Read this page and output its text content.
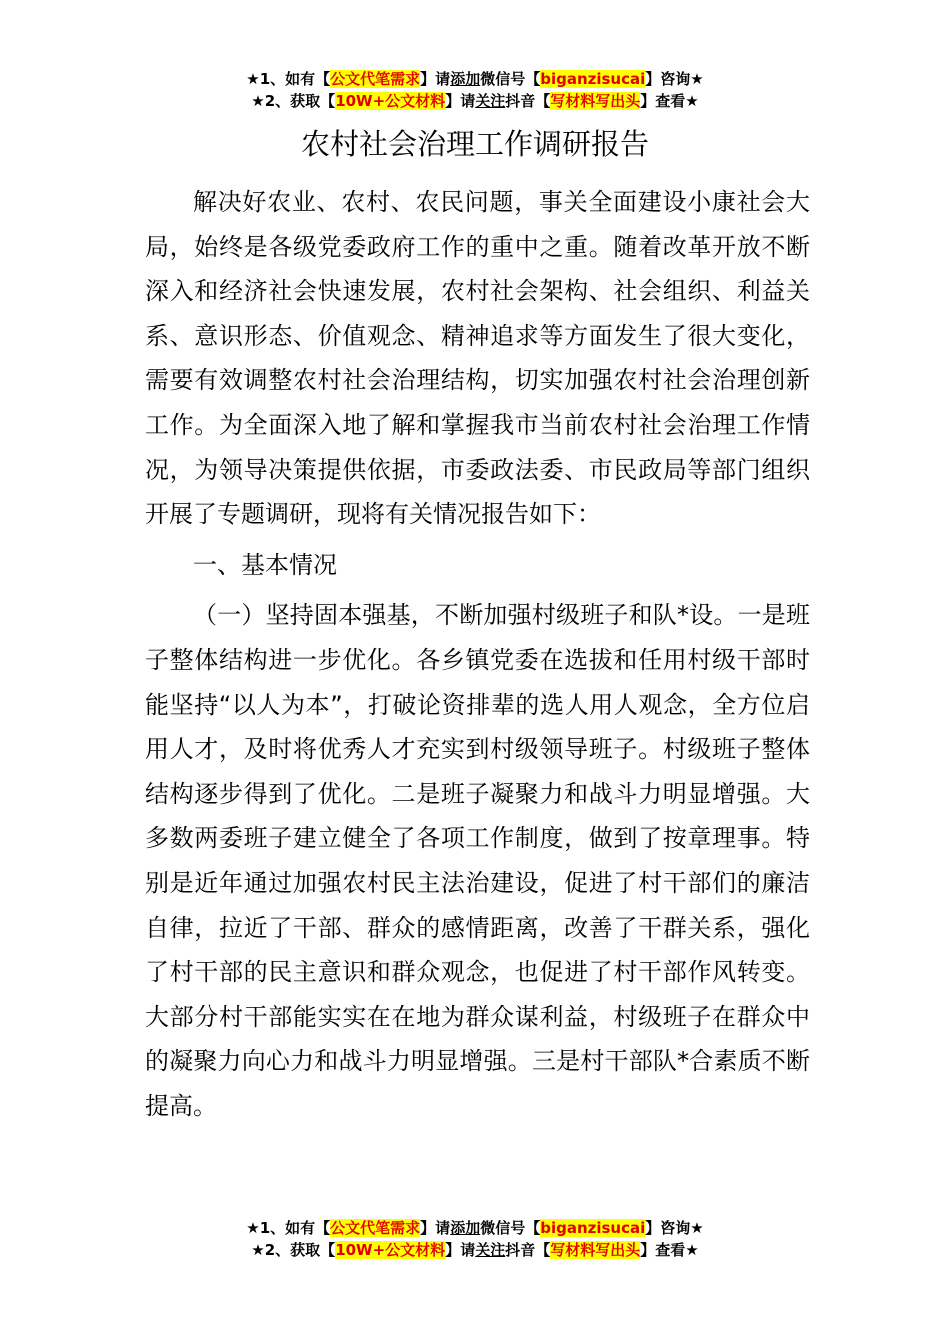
★1、如有【公文代笔需求】请添加微信号【biganzisucai】咨询★
★2、获取【10W+公文材料】请关注抖音【写材料写出头】查看★
农村社会治理工作调研报告

解决好农业、农村、农民问题，事关全面建设小康社会大局，始终是各级党委政府工作的重中之重。随着改革开放不断深入和经济社会快速发展，农村社会架构、社会组织、利益关系、意识形态、价值观念、精神追求等方面发生了很大变化，需要有效调整农村社会治理结构，切实加强农村社会治理创新工作。为全面深入地了解和掌握我市当前农村社会治理工作情况，为领导决策提供依据，市委政法委、市民政局等部门组织开展了专题调研，现将有关情况报告如下：

一、基本情况

（一）坚持固本强基，不断加强村级班子和队*设。一是班子整体结构进一步优化。各乡镇党委在选拔和任用村级干部时能坚持“以人为本”，打破论资排辈的选人用人观念，全方位启用人才，及时将优秀人才充实到村级领导班子。村级班子整体结构逐步得到了优化。二是班子凝聚力和战斗力明显增强。大多数两委班子建立健全了各项工作制度，做到了按章理事。特别是近年通过加强农村民主法治建设，促进了村干部们的廉洁自律，拉近了干部、群众的感情距离，改善了干群关系，强化了村干部的民主意识和群众观念，也促进了村干部作风转变。大部分村干部能实实在在地为群众谋利益，村级班子在群众中的凝聚力向心力和战斗力明显增强。三是村干部队*合素质不断提高。

★1、如有【公文代笔需求】请添加微信号【biganzisucai】咨询★
★2、获取【10W+公文材料】请关注抖音【写材料写出头】查看★
